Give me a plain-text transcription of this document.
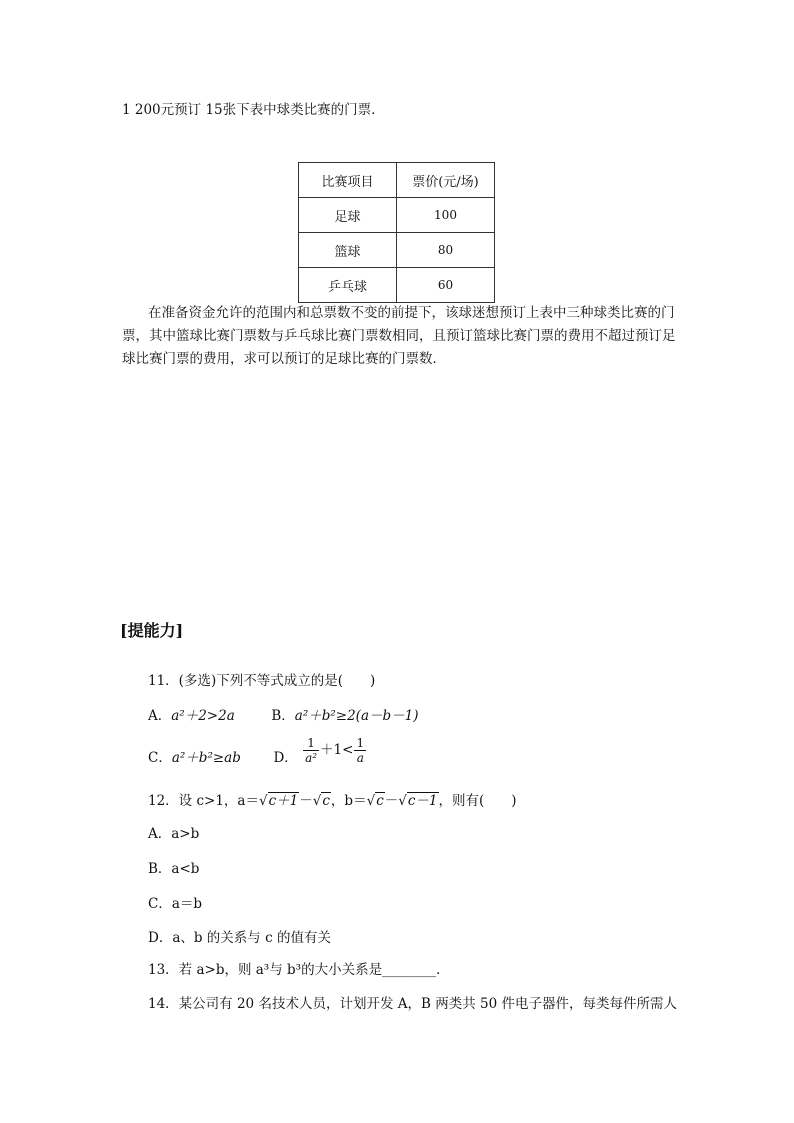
1 200元预订 15张下表中球类比赛的门票．
比赛项目	票价(元/场)
足球	100
篮球	80
乒乓球	60
在准备资金允许的范围内和总票数不变的前提下，该球迷想预订上表中三种球类比赛的门票，其中篮球比赛门票数与乒乓球比赛门票数相同，且预订篮球比赛门票的费用不超过预订足球比赛门票的费用，求可以预订的足球比赛的门票数．
[提能力]
11．(多选)下列不等式成立的是(　　)
A．a²＋2>2a	B．a²＋b²≥2(a－b－1)
C．a²＋b²≥ab D． $\frac{1}{\text{a²}} +1< \frac{1}{a}$
12．设 c>1，a＝√c＋1－√c，b＝√c－√c－1，则有(　　)
A．a>b
B．a<b
C．a＝b
D．a、b 的关系与 c 的值有关
13．若 a>b，则 a³与 b³的大小关系是________．
14．某公司有 20 名技术人员，计划开发 A，B 两类共 50 件电子器件，每类每件所需人
